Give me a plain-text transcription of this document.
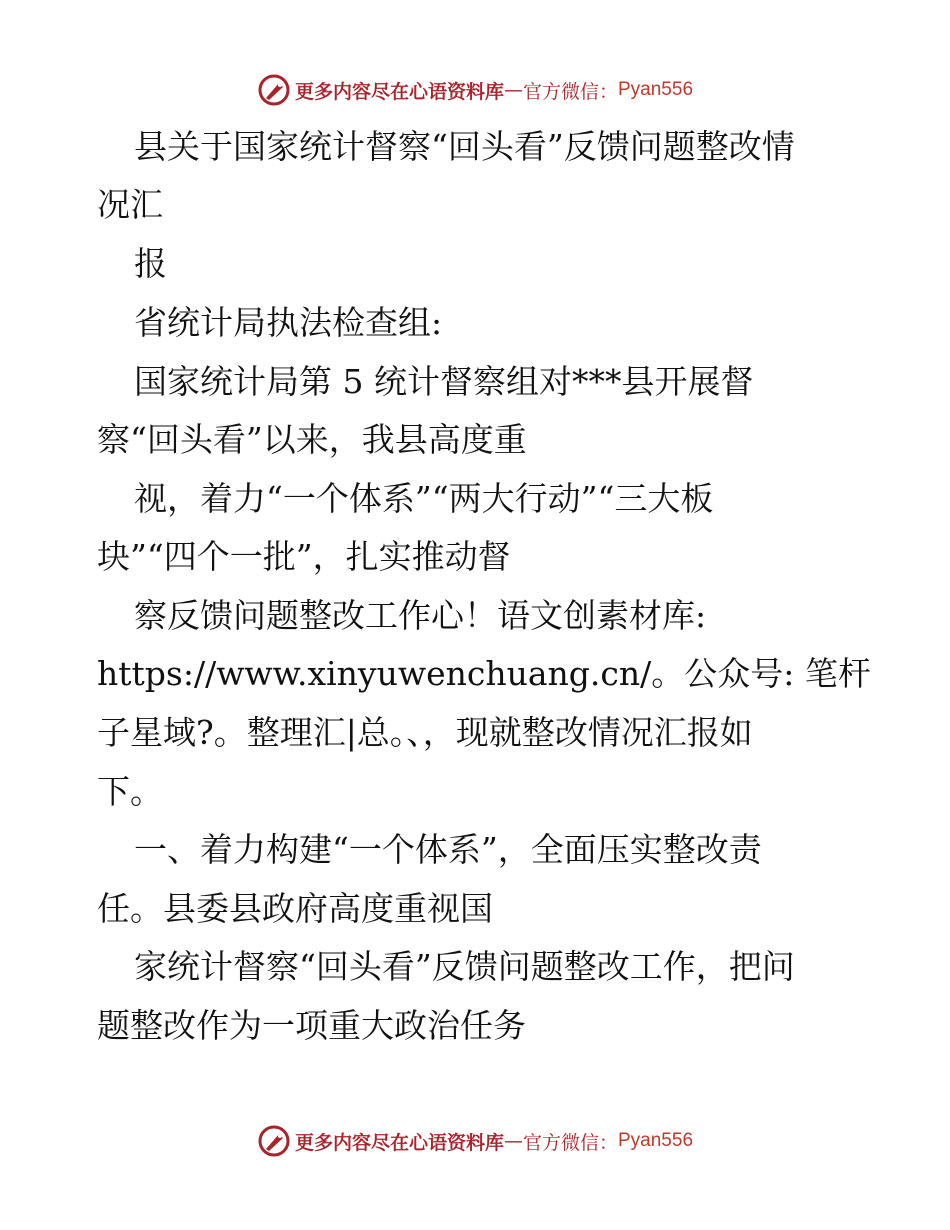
更多内容尽在心语资料库 — 官方微信： Pyan556
县关于国家统计督察“回头看”反馈问题整改情
况汇
报
省统计局执法检查组:
国家统计局第 5 统计督察组对***县开展督
察“回头看”以来，我县高度重
视，着力“一个体系”“两大行动”“三大板
块”“四个一批”，扎实推动督
察反馈问题整改工作心！语文创素材库:
https://www.xinyuwenchuang.cn/。公众号: 笔杆
子星域?。整理汇|总。、，现就整改情况汇报如
下。
一、着力构建“一个体系”，全面压实整改责
任。县委县政府高度重视国
家统计督察“回头看”反馈问题整改工作，把问
题整改作为一项重大政治任务
更多内容尽在心语资料库 — 官方微信： Pyan556
